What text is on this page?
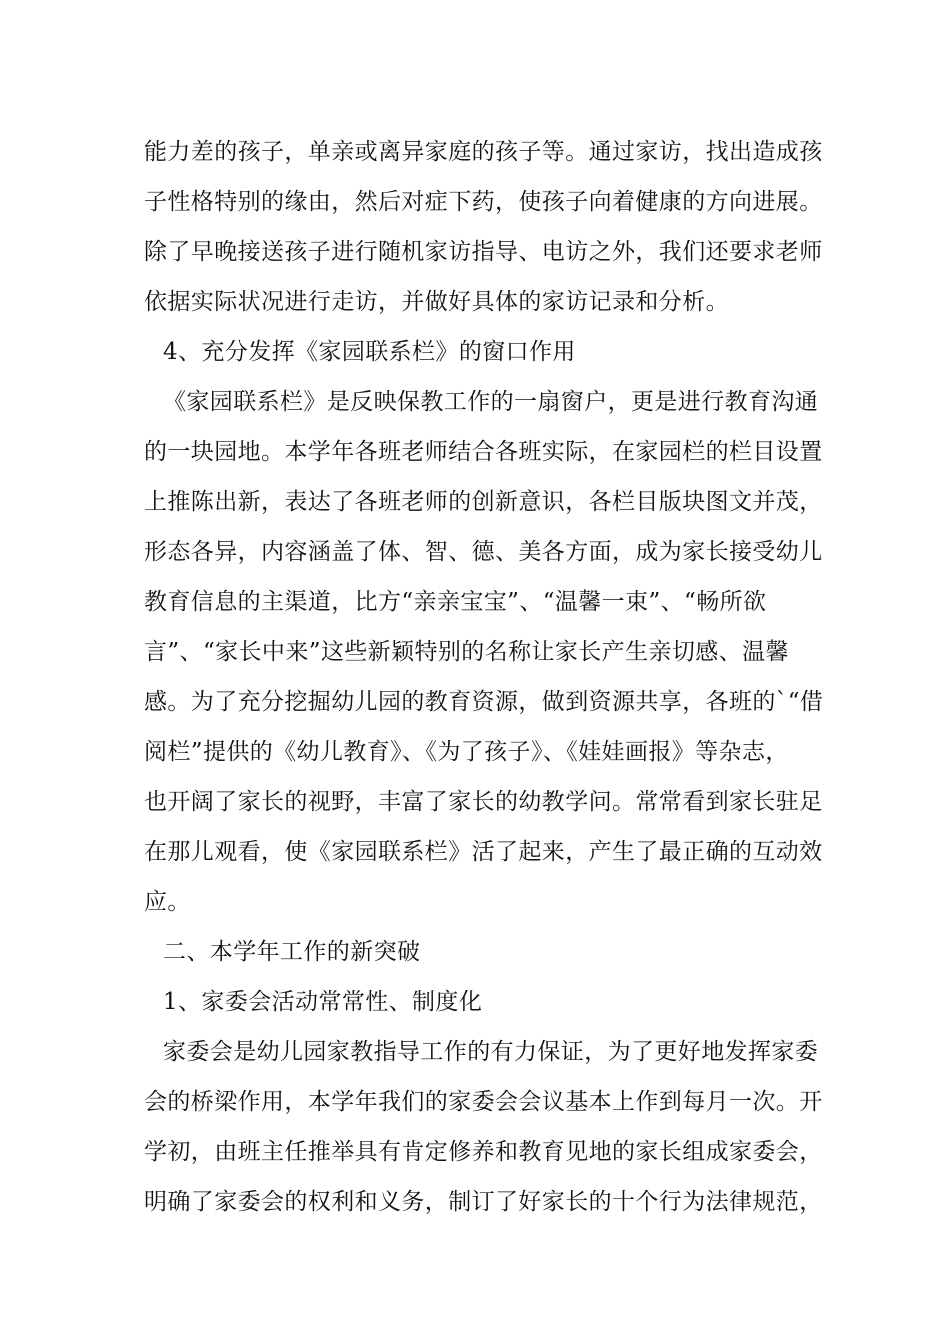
能力差的孩子，单亲或离异家庭的孩子等。通过家访，找出造成孩
子性格特别的缘由，然后对症下药，使孩子向着健康的方向进展。
除了早晚接送孩子进行随机家访指导、电访之外，我们还要求老师
依据实际状况进行走访，并做好具体的家访记录和分析。
4、充分发挥《家园联系栏》的窗口作用
《家园联系栏》是反映保教工作的一扇窗户，更是进行教育沟通
的一块园地。本学年各班老师结合各班实际，在家园栏的栏目设置
上推陈出新，表达了各班老师的创新意识，各栏目版块图文并茂，
形态各异，内容涵盖了体、智、德、美各方面，成为家长接受幼儿
教育信息的主渠道，比方“亲亲宝宝”、“温馨一束”、“畅所欲
言”、“家长中来”这些新颖特别的名称让家长产生亲切感、温馨
感。为了充分挖掘幼儿园的教育资源，做到资源共享，各班的`“借
阅栏”提供的《幼儿教育》、《为了孩子》、《娃娃画报》等杂志，
也开阔了家长的视野，丰富了家长的幼教学问。常常看到家长驻足
在那儿观看，使《家园联系栏》活了起来，产生了最正确的互动效
应。
二、本学年工作的新突破
1、家委会活动常常性、制度化
家委会是幼儿园家教指导工作的有力保证，为了更好地发挥家委
会的桥梁作用，本学年我们的家委会会议基本上作到每月一次。开
学初，由班主任推举具有肯定修养和教育见地的家长组成家委会，
明确了家委会的权利和义务，制订了好家长的十个行为法律规范，
